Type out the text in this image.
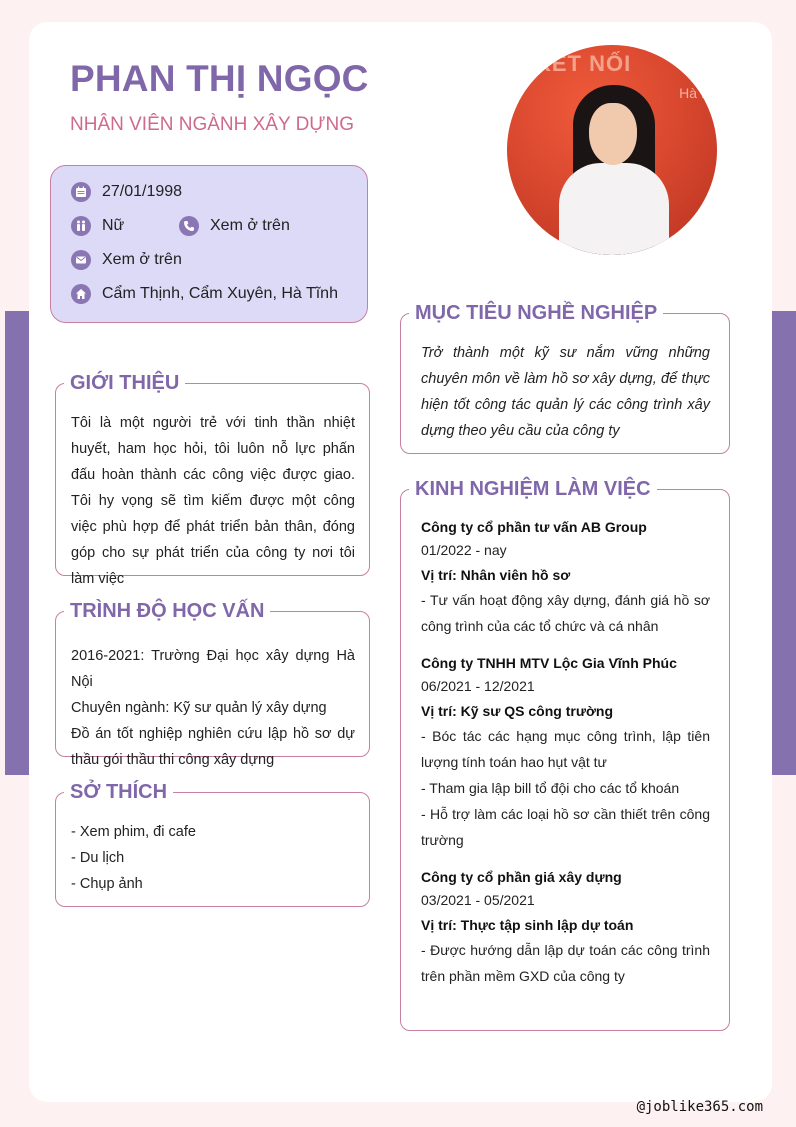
PHAN THỊ NGỌC
NHÂN VIÊN NGÀNH XÂY DỰNG
KẾT NỐI
Hà N
27/01/1998
Nữ	Xem ở trên
Xem ở trên
Cẩm Thịnh, Cẩm Xuyên, Hà Tĩnh
Tôi là một người trẻ với tinh thần nhiệt huyết, ham học hỏi, tôi luôn nỗ lực phấn đấu hoàn thành các công việc được giao. Tôi hy vọng sẽ tìm kiếm được một công việc phù hợp để phát triển bản thân, đóng góp cho sự phát triển của công ty nơi tôi làm việc
GIỚI THIỆU
2016-2021: Trường Đại học xây dựng Hà Nội
Chuyên ngành: Kỹ sư quản lý xây dựng
Đồ án tốt nghiệp nghiên cứu lập hồ sơ dự thầu gói thầu thi công xây dựng
TRÌNH ĐỘ HỌC VẤN
- Xem phim, đi cafe
- Du lịch
- Chụp ảnh
SỞ THÍCH
Trở thành một kỹ sư nắm vững những chuyên môn về làm hồ sơ xây dựng, để thực hiện tốt công tác quản lý các công trình xây dựng theo yêu cầu của công ty
MỤC TIÊU NGHỀ NGHIỆP
Công ty cổ phần tư vấn AB Group
01/2022 - nay
Vị trí: Nhân viên hồ sơ
- Tư vấn hoạt động xây dựng, đánh giá hồ sơ công trình của các tổ chức và cá nhân
Công ty TNHH MTV Lộc Gia Vĩnh Phúc
06/2021 - 12/2021
Vị trí: Kỹ sư QS công trường
- Bóc tác các hạng mục công trình, lập tiên lượng tính toán hao hụt vật tư
- Tham gia lập bill tổ đội cho các tổ khoán
- Hỗ trợ làm các loại hồ sơ cần thiết trên công trường
Công ty cổ phần giá xây dựng
03/2021 - 05/2021
Vị trí: Thực tập sinh lập dự toán
- Được hướng dẫn lập dự toán các công trình trên phần mềm GXD của công ty
KINH NGHIỆM LÀM VIỆC
@joblike365.com
